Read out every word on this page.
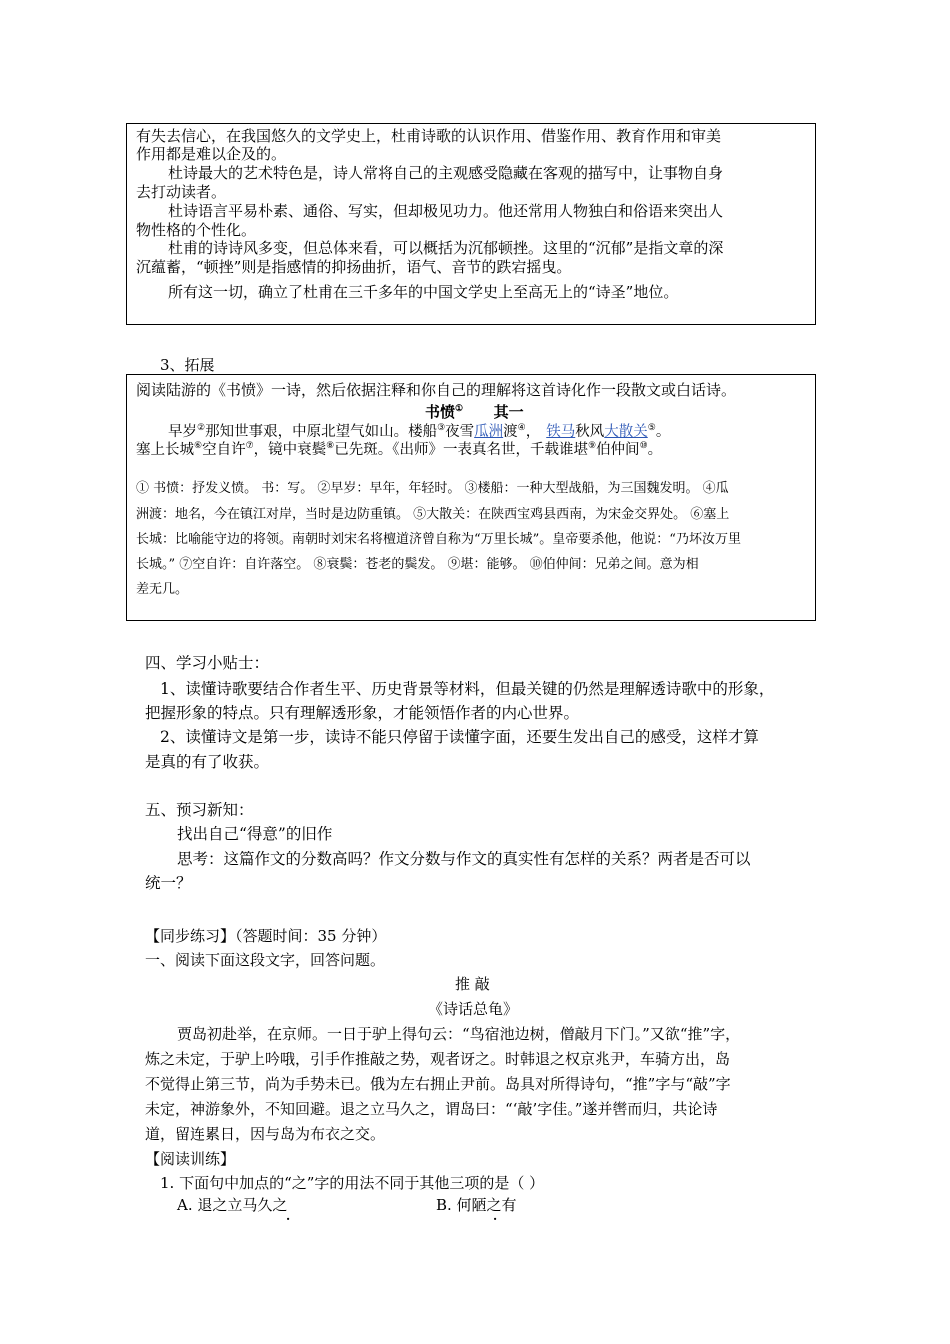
有失去信心，在我国悠久的文学史上，杜甫诗歌的认识作用、借鉴作用、教育作用和审美
作用都是难以企及的。
杜诗最大的艺术特色是，诗人常将自己的主观感受隐藏在客观的描写中，让事物自身
去打动读者。
杜诗语言平易朴素、通俗、写实，但却极见功力。他还常用人物独白和俗语来突出人
物性格的个性化。
杜甫的诗诗风多变，但总体来看，可以概括为沉郁顿挫。这里的“沉郁”是指文章的深
沉蕴蓄，“顿挫”则是指感情的抑扬曲折，语气、音节的跌宕摇曳。
所有这一切，确立了杜甫在三千多年的中国文学史上至高无上的“诗圣”地位。
3、拓展
阅读陆游的《书愤》一诗，然后依据注释和你自己的理解将这首诗化作一段散文或白话诗。
书愤① 其一
早岁②那知世事艰，中原北望气如山。楼船③夜雪瓜洲渡④， 铁马秋风大散关⑤。
塞上长城⑥空自许⑦，镜中衰鬓⑧已先斑。《出师》一表真名世，千载谁堪⑨伯仲间⑩。
① 书愤：抒发义愤。 书：写。 ②早岁：早年，年轻时。 ③楼船：一种大型战船，为三国魏发明。 ④瓜
洲渡：地名，今在镇江对岸，当时是边防重镇。 ⑤大散关：在陕西宝鸡县西南，为宋金交界处。 ⑥塞上
长城：比喻能守边的将领。南朝时刘宋名将檀道济曾自称为“万里长城”。皇帝要杀他，他说：“乃坏汝万里
长城。” ⑦空自许：自许落空。 ⑧衰鬓：苍老的鬓发。 ⑨堪：能够。 ⑩伯仲间：兄弟之间。意为相
差无几。
四、学习小贴士：
1、读懂诗歌要结合作者生平、历史背景等材料，但最关键的仍然是理解透诗歌中的形象，
把握形象的特点。只有理解透形象，才能领悟作者的内心世界。
2、读懂诗文是第一步，读诗不能只停留于读懂字面，还要生发出自己的感受，这样才算
是真的有了收获。
五、预习新知：
找出自己“得意”的旧作
思考：这篇作文的分数高吗？作文分数与作文的真实性有怎样的关系？两者是否可以
统一？
【同步练习】（答题时间：35 分钟）
一、阅读下面这段文字，回答问题。
推 敲
《诗话总龟》
贾岛初赴举，在京师。一日于驴上得句云：“鸟宿池边树，僧敲月下门。”又欲“推”字，
炼之未定，于驴上吟哦，引手作推敲之势，观者讶之。时韩退之权京兆尹，车骑方出，岛
不觉得止第三节，尚为手势未已。俄为左右拥止尹前。岛具对所得诗句，“推”字与“敲”字
未定，神游象外，不知回避。退之立马久之，谓岛曰：“‘敲’字佳。”遂并辔而归，共论诗
道，留连累日，因与岛为布衣之交。
【阅读训练】
1. 下面句中加点的“之”字的用法不同于其他三项的是（ ）
A. 退之立马久之	B. 何陋之有
·	·
